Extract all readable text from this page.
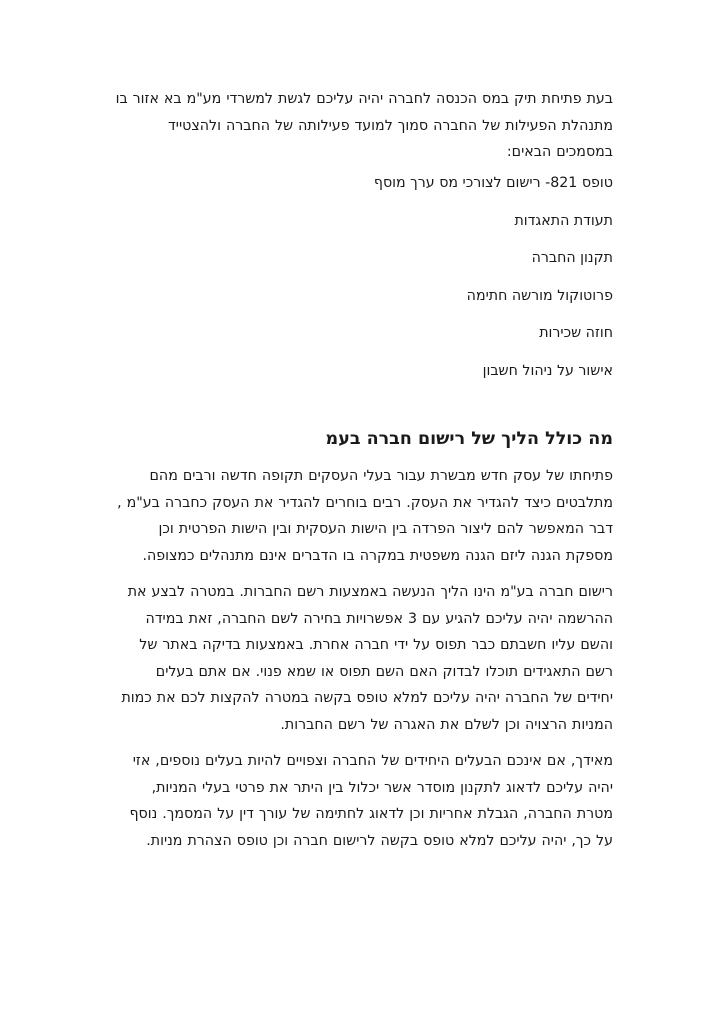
בעת פתיחת תיק במס הכנסה לחברה יהיה עליכם לגשת למשרדי מע"מ בא אזור בו
מתנהלת הפעילות של החברה סמוך למועד פעילותה של החברה ולהצטייד
במסמכים הבאים:

טופס 821- רישום לצורכי מס ערך מוסף
תעודת התאגדות
תקנון החברה
פרוטוקול מורשה חתימה
חוזה שכירות
אישור על ניהול חשבון
מה כולל הליך של רישום חברה בעמ

פתיחתו של עסק חדש מבשרת עבור בעלי העסקים תקופה חדשה ורבים מהם
מתלבטים כיצד להגדיר את העסק. רבים בוחרים להגדיר את העסק כחברה בע"מ ,
דבר המאפשר להם ליצור הפרדה בין הישות העסקית ובין הישות הפרטית וכן
מספקת הגנה ליזם הגנה משפטית במקרה בו הדברים אינם מתנהלים כמצופה.

רישום חברה בע"מ הינו הליך הנעשה באמצעות רשם החברות. במטרה לבצע את
ההרשמה יהיה עליכם להגיע עם 3 אפשרויות בחירה לשם החברה, זאת במידה
והשם עליו חשבתם כבר תפוס על ידי חברה אחרת. באמצעות בדיקה באתר של
רשם התאגידים תוכלו לבדוק האם השם תפוס או שמא פנוי. אם אתם בעלים
יחידים של החברה יהיה עליכם למלא טופס בקשה במטרה להקצות לכם את כמות
המניות הרצויה וכן לשלם את האגרה של רשם החברות.

מאידך, אם אינכם הבעלים היחידים של החברה וצפויים להיות בעלים נוספים, אזי
יהיה עליכם לדאוג לתקנון מוסדר אשר יכלול בין היתר את פרטי בעלי המניות,
מטרת החברה, הגבלת אחריות וכן לדאוג לחתימה של עורך דין על המסמך. נוסף
על כך, יהיה עליכם למלא טופס בקשה לרישום חברה וכן טופס הצהרת מניות.
